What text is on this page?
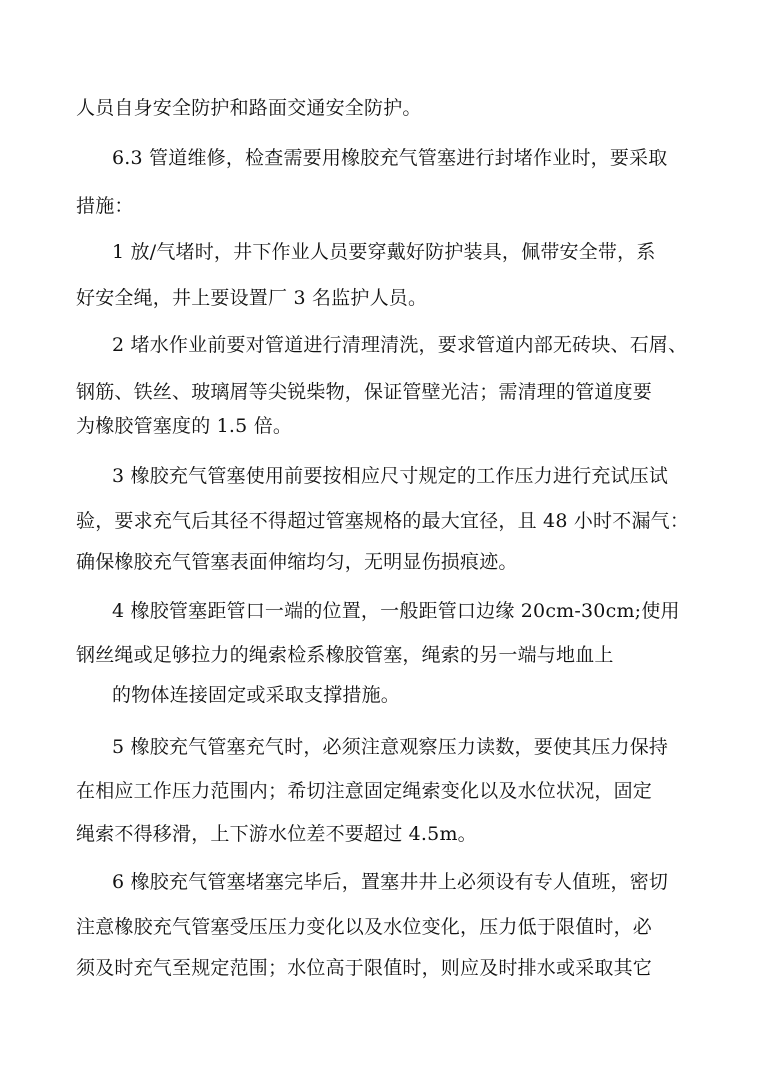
人员自身安全防护和路面交通安全防护。
6.3 管道维修，检查需要用橡胶充气管塞进行封堵作业时，要采取
措施：
1 放/气堵时，井下作业人员要穿戴好防护装具，佩带安全带，系
好安全绳，井上要设置厂 3 名监护人员。
2 堵水作业前要对管道进行清理清洗，要求管道内部无砖块、石屑、
钢筋、铁丝、玻璃屑等尖锐柴物，保证管壁光洁；需清理的管道度要
为橡胶管塞度的 1.5 倍。
3 橡胶充气管塞使用前要按相应尺寸规定的工作压力进行充试压试
验，要求充气后其径不得超过管塞规格的最大宜径，且 48 小时不漏气：
确保橡胶充气管塞表面伸缩均匀，无明显伤损痕迹。
4 橡胶管塞距管口一端的位置，一般距管口边缘 20cm-30cm;使用
钢丝绳或足够拉力的绳索检系橡胶管塞，绳索的另一端与地血上
的物体连接固定或采取支撑措施。
5 橡胶充气管塞充气时，必须注意观察压力读数，要使其压力保持
在相应工作压力范围内；希切注意固定绳索变化以及水位状况，固定
绳索不得移滑，上下游水位差不要超过 4.5m。
6 橡胶充气管塞堵塞完毕后，置塞井井上必须设有专人值班，密切
注意橡胶充气管塞受压压力变化以及水位变化，压力低于限值时，必
须及时充气至规定范围；水位高于限值时，则应及时排水或采取其它
